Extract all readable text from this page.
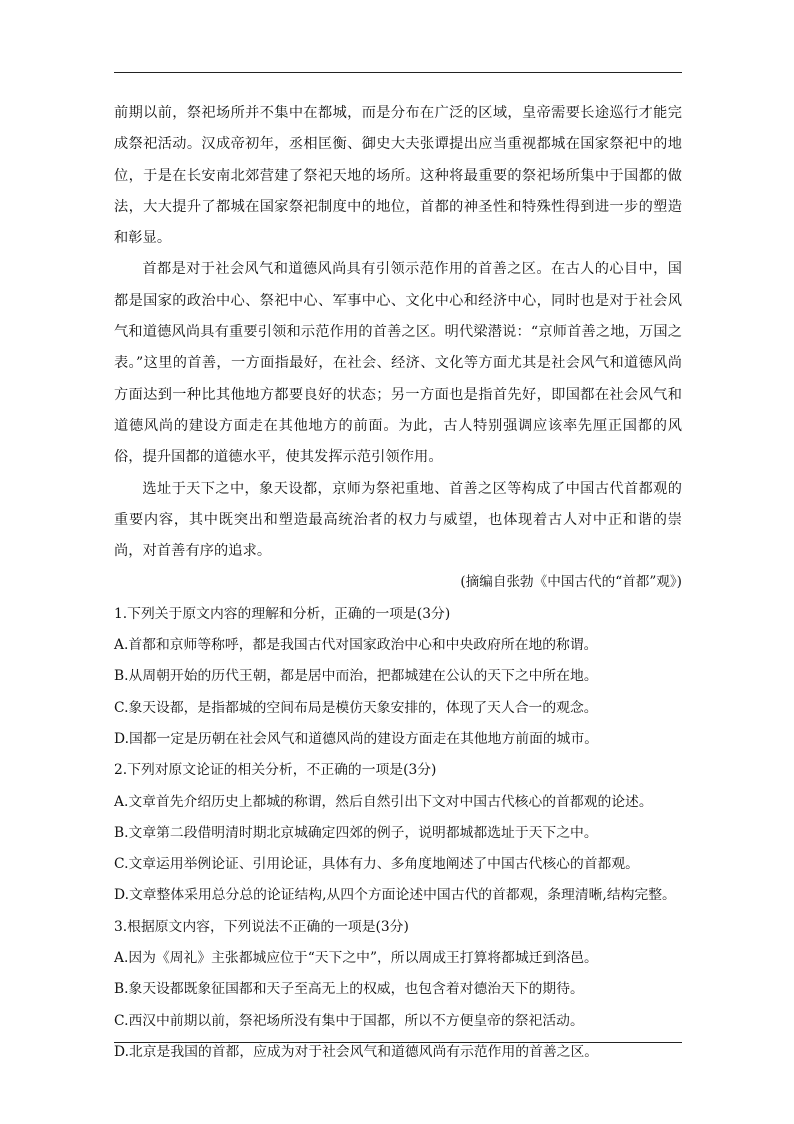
前期以前，祭祀场所并不集中在都城，而是分布在广泛的区域，皇帝需要长途巡行才能完成祭祀活动。汉成帝初年，丞相匡衡、御史大夫张谭提出应当重视都城在国家祭祀中的地位，于是在长安南北郊营建了祭祀天地的场所。这种将最重要的祭祀场所集中于国都的做法，大大提升了都城在国家祭祀制度中的地位，首都的神圣性和特殊性得到进一步的塑造和彰显。

首都是对于社会风气和道德风尚具有引领示范作用的首善之区。在古人的心目中，国都是国家的政治中心、祭祀中心、军事中心、文化中心和经济中心，同时也是对于社会风气和道德风尚具有重要引领和示范作用的首善之区。明代梁潜说：“京师首善之地，万国之表。”这里的首善，一方面指最好，在社会、经济、文化等方面尤其是社会风气和道德风尚方面达到一种比其他地方都要良好的状态；另一方面也是指首先好，即国都在社会风气和道德风尚的建设方面走在其他地方的前面。为此，古人特别强调应该率先厘正国都的风俗，提升国都的道德水平，使其发挥示范引领作用。

选址于天下之中，象天设都，京师为祭祀重地、首善之区等构成了中国古代首都观的重要内容，其中既突出和塑造最高统治者的权力与威望，也体现着古人对中正和谐的崇尚，对首善有序的追求。

(摘编自张勃《中国古代的“首都”观》)

1.下列关于原文内容的理解和分析，正确的一项是(3分)

A.首都和京师等称呼，都是我国古代对国家政治中心和中央政府所在地的称谓。

B.从周朝开始的历代王朝，都是居中而治，把都城建在公认的天下之中所在地。

C.象天设都，是指都城的空间布局是模仿天象安排的，体现了天人合一的观念。

D.国都一定是历朝在社会风气和道德风尚的建设方面走在其他地方前面的城市。

2.下列对原文论证的相关分析，不正确的一项是(3分)

A.文章首先介绍历史上都城的称谓，然后自然引出下文对中国古代核心的首都观的论述。

B.文章第二段借明清时期北京城确定四郊的例子，说明都城都选址于天下之中。

C.文章运用举例论证、引用论证，具体有力、多角度地阐述了中国古代核心的首都观。

D.文章整体采用总分总的论证结构,从四个方面论述中国古代的首都观，条理清晰,结构完整。

3.根据原文内容，下列说法不正确的一项是(3分)

A.因为《周礼》主张都城应位于“天下之中”，所以周成王打算将都城迁到洛邑。

B.象天设都既象征国都和天子至高无上的权威，也包含着对德治天下的期待。

C.西汉中前期以前，祭祀场所没有集中于国都，所以不方便皇帝的祭祀活动。

D.北京是我国的首都，应成为对于社会风气和道德风尚有示范作用的首善之区。
